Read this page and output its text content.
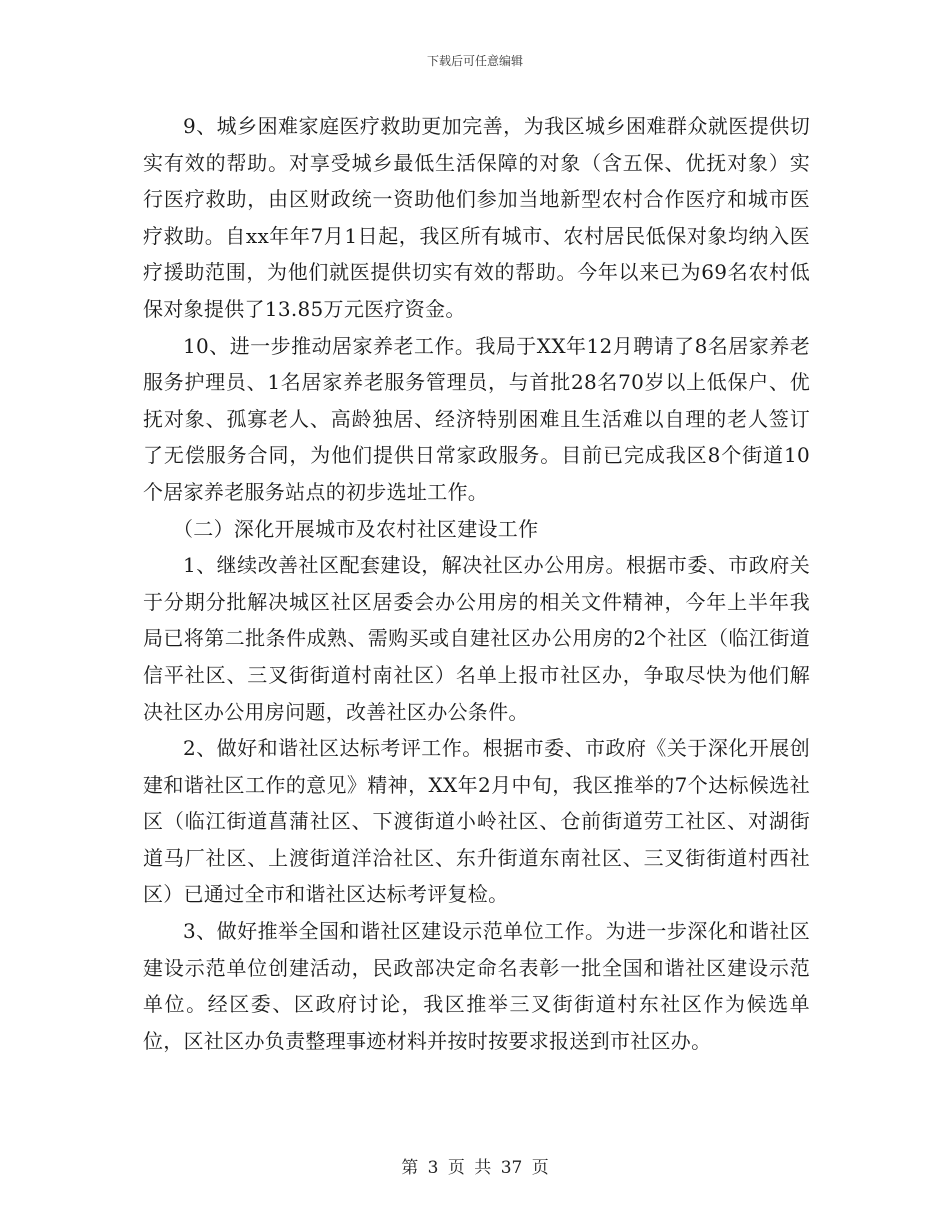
下载后可任意编辑

9、城乡困难家庭医疗救助更加完善，为我区城乡困难群众就医提供切实有效的帮助。对享受城乡最低生活保障的对象（含五保、优抚对象）实行医疗救助，由区财政统一资助他们参加当地新型农村合作医疗和城市医疗救助。自xx年年7月1日起，我区所有城市、农村居民低保对象均纳入医疗援助范围，为他们就医提供切实有效的帮助。今年以来已为69名农村低保对象提供了13.85万元医疗资金。

10、进一步推动居家养老工作。我局于XX年12月聘请了8名居家养老服务护理员、1名居家养老服务管理员，与首批28名70岁以上低保户、优抚对象、孤寡老人、高龄独居、经济特别困难且生活难以自理的老人签订了无偿服务合同，为他们提供日常家政服务。目前已完成我区8个街道10个居家养老服务站点的初步选址工作。

（二）深化开展城市及农村社区建设工作

1、继续改善社区配套建设，解决社区办公用房。根据市委、市政府关于分期分批解决城区社区居委会办公用房的相关文件精神，今年上半年我局已将第二批条件成熟、需购买或自建社区办公用房的2个社区（临江街道信平社区、三叉街街道村南社区）名单上报市社区办，争取尽快为他们解决社区办公用房问题，改善社区办公条件。

2、做好和谐社区达标考评工作。根据市委、市政府《关于深化开展创建和谐社区工作的意见》精神，XX年2月中旬，我区推举的7个达标候选社区（临江街道菖蒲社区、下渡街道小岭社区、仓前街道劳工社区、对湖街道马厂社区、上渡街道洋洽社区、东升街道东南社区、三叉街街道村西社区）已通过全市和谐社区达标考评复检。

3、做好推举全国和谐社区建设示范单位工作。为进一步深化和谐社区建设示范单位创建活动，民政部决定命名表彰一批全国和谐社区建设示范单位。经区委、区政府讨论，我区推举三叉街街道村东社区作为候选单位，区社区办负责整理事迹材料并按时按要求报送到市社区办。

第 3 页 共 37 页
